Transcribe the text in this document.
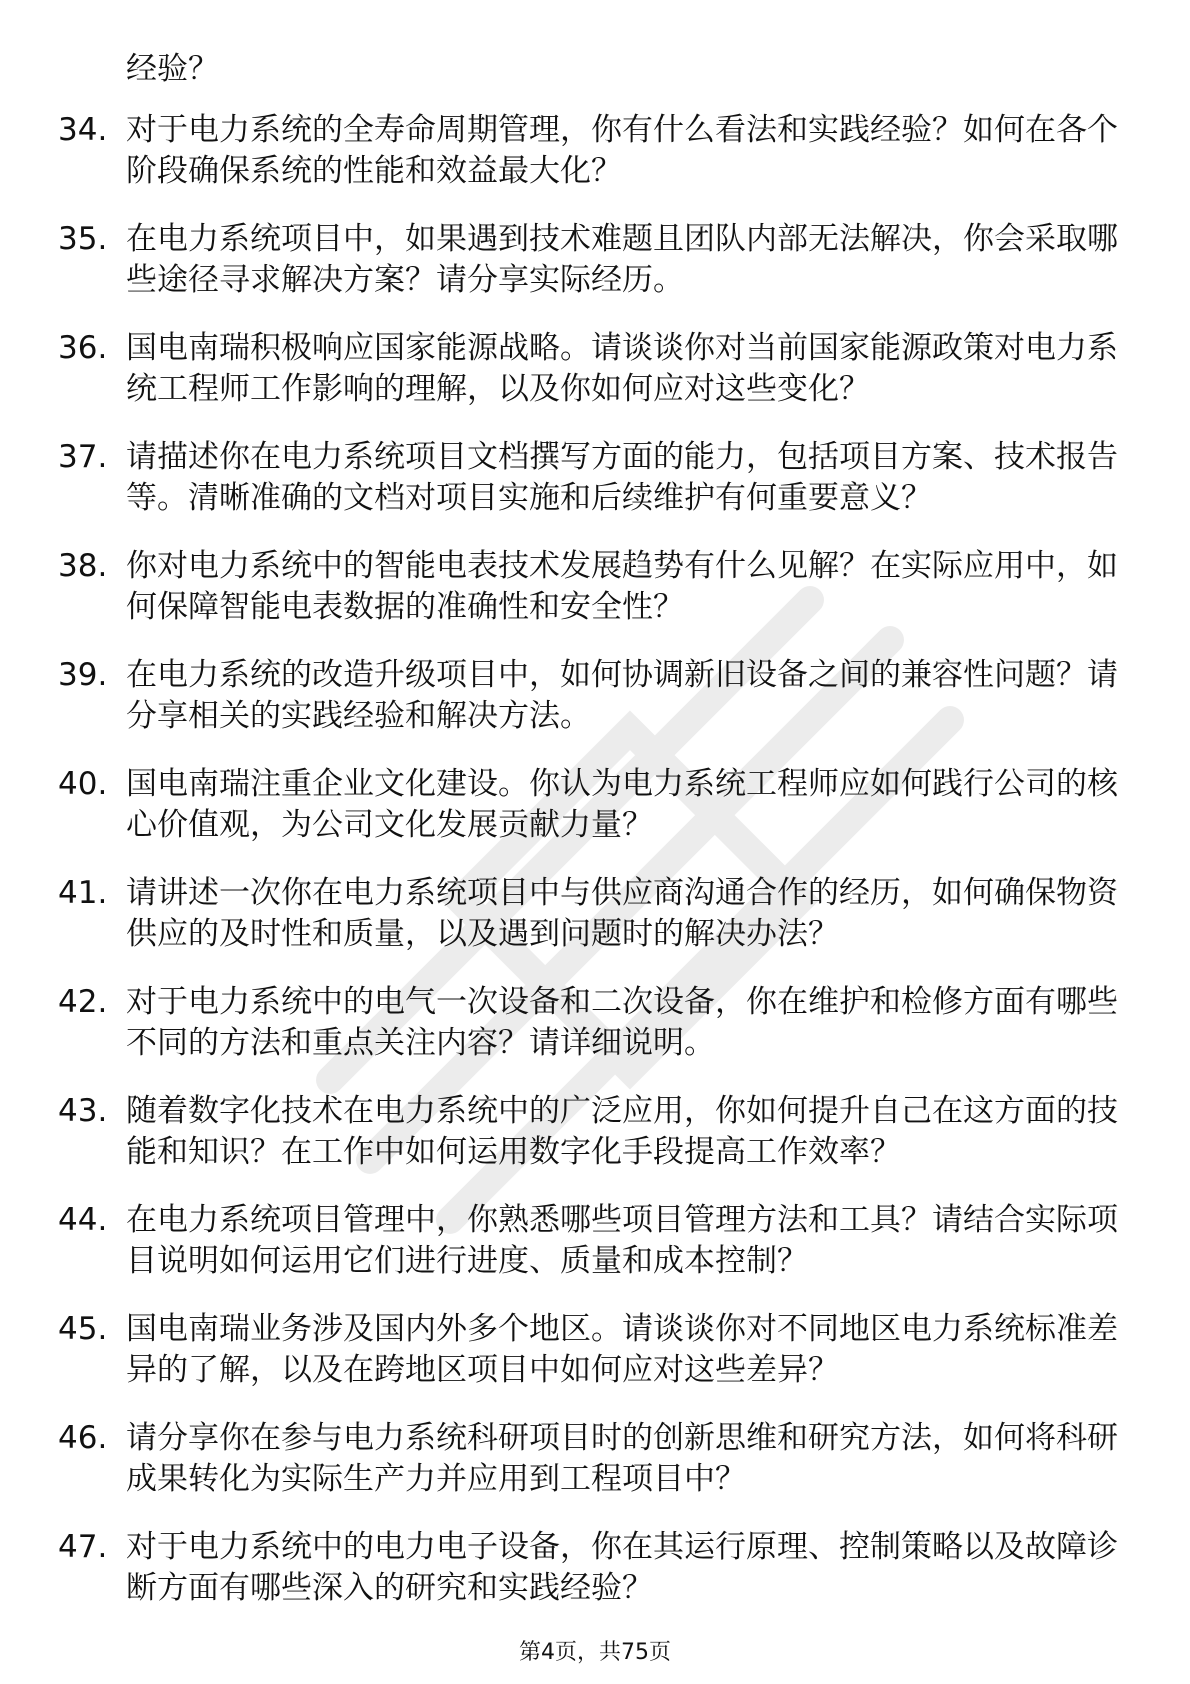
经验？

34. 对于电力系统的全寿命周期管理，你有什么看法和实践经验？如何在各个阶段确保系统的性能和效益最大化？
35. 在电力系统项目中，如果遇到技术难题且团队内部无法解决，你会采取哪些途径寻求解决方案？请分享实际经历。
36. 国电南瑞积极响应国家能源战略。请谈谈你对当前国家能源政策对电力系统工程师工作影响的理解，以及你如何应对这些变化？
37. 请描述你在电力系统项目文档撰写方面的能力，包括项目方案、技术报告等。清晰准确的文档对项目实施和后续维护有何重要意义？
38. 你对电力系统中的智能电表技术发展趋势有什么见解？在实际应用中，如何保障智能电表数据的准确性和安全性？
39. 在电力系统的改造升级项目中，如何协调新旧设备之间的兼容性问题？请分享相关的实践经验和解决方法。
40. 国电南瑞注重企业文化建设。你认为电力系统工程师应如何践行公司的核心价值观，为公司文化发展贡献力量？
41. 请讲述一次你在电力系统项目中与供应商沟通合作的经历，如何确保物资供应的及时性和质量，以及遇到问题时的解决办法？
42. 对于电力系统中的电气一次设备和二次设备，你在维护和检修方面有哪些不同的方法和重点关注内容？请详细说明。
43. 随着数字化技术在电力系统中的广泛应用，你如何提升自己在这方面的技能和知识？在工作中如何运用数字化手段提高工作效率？
44. 在电力系统项目管理中，你熟悉哪些项目管理方法和工具？请结合实际项目说明如何运用它们进行进度、质量和成本控制？
45. 国电南瑞业务涉及国内外多个地区。请谈谈你对不同地区电力系统标准差异的了解，以及在跨地区项目中如何应对这些差异？
46. 请分享你在参与电力系统科研项目时的创新思维和研究方法，如何将科研成果转化为实际生产力并应用到工程项目中？
47. 对于电力系统中的电力电子设备，你在其运行原理、控制策略以及故障诊断方面有哪些深入的研究和实践经验？
第4页，共75页
